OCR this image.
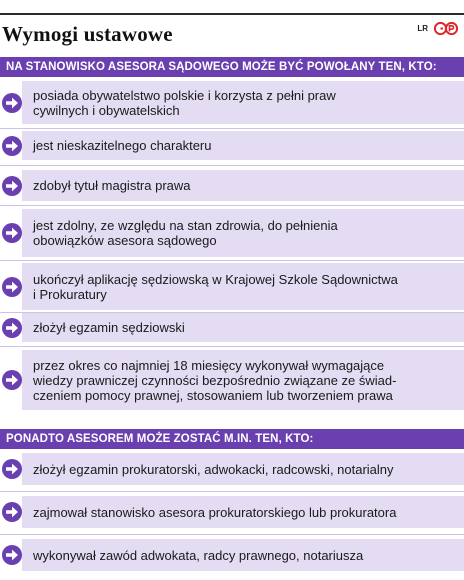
Wymogi ustawowe	LR
NA STANOWISKO ASESORA SĄDOWEGO MOŻE BYĆ POWOŁANY TEN, KTO:
posiada obywatelstwo polskie i korzysta z pełni praw
cywilnych i obywatelskich
jest nieskazitelnego charakteru
zdobył tytuł magistra prawa
jest zdolny, ze względu na stan zdrowia, do pełnienia
obowiązków asesora sądowego
ukończył aplikację sędziowską w Krajowej Szkole Sądownictwa
i Prokuratury
złożył egzamin sędziowski
przez okres co najmniej 18 miesięcy wykonywał wymagające
wiedzy prawniczej czynności bezpośrednio związane ze świad-
czeniem pomocy prawnej, stosowaniem lub tworzeniem prawa
PONADTO ASESOREM MOŻE ZOSTAĆ M.IN. TEN, KTO:
złożył egzamin prokuratorski, adwokacki, radcowski, notarialny
zajmował stanowisko asesora prokuratorskiego lub prokuratora
wykonywał zawód adwokata, radcy prawnego, notariusza
